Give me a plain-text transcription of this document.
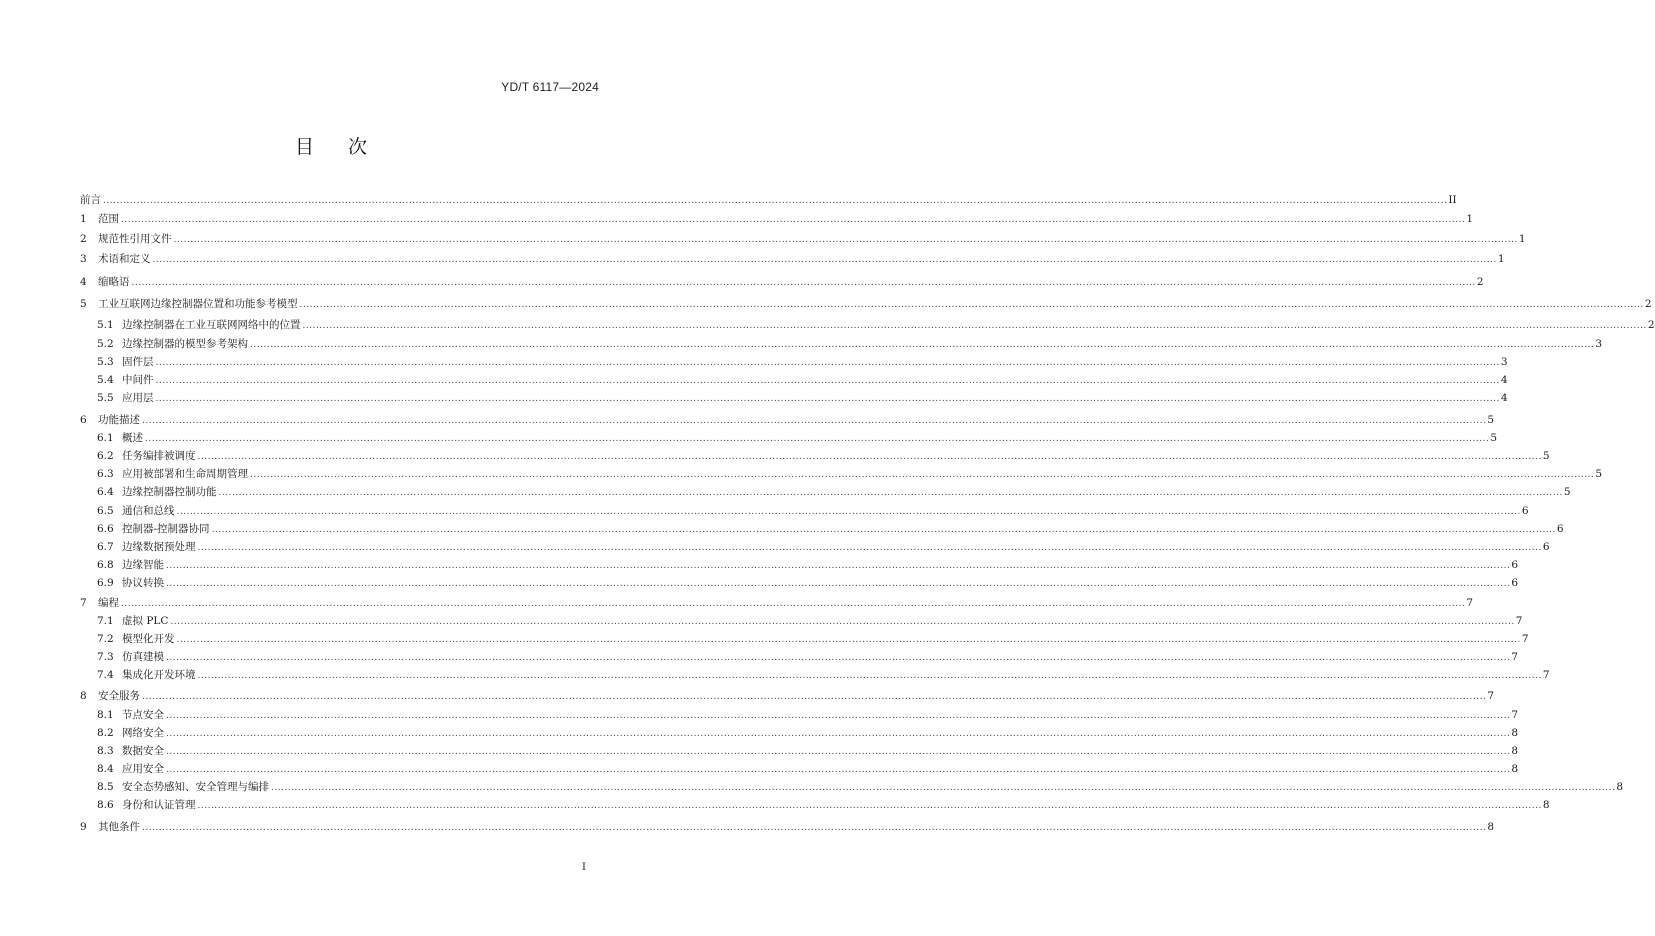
YD/T 6117—2024
目次
前言 ................................................................................................................................................................................................................................................................................................................................................................................................................ II
1	范围 ................................................................................................................................................................................................................................................................................................................................................................................................................ 1
2	规范性引用文件 ................................................................................................................................................................................................................................................................................................................................................................................................................ 1
3	术语和定义 ................................................................................................................................................................................................................................................................................................................................................................................................................ 1
4	缩略语 ................................................................................................................................................................................................................................................................................................................................................................................................................ 2
5	工业互联网边缘控制器位置和功能参考模型 ................................................................................................................................................................................................................................................................................................................................................................................................................ 2
5.1 边缘控制器在工业互联网网络中的位置 ................................................................................................................................................................................................................................................................................................................................................................................................................ 2
5.2 边缘控制器的模型参考架构 ................................................................................................................................................................................................................................................................................................................................................................................................................ 3
5.3 固件层 ................................................................................................................................................................................................................................................................................................................................................................................................................ 3
5.4 中间件 ................................................................................................................................................................................................................................................................................................................................................................................................................ 4
5.5 应用层 ................................................................................................................................................................................................................................................................................................................................................................................................................ 4
6	功能描述 ................................................................................................................................................................................................................................................................................................................................................................................................................ 5
6.1 概述 ................................................................................................................................................................................................................................................................................................................................................................................................................ 5
6.2 任务编排被调度 ................................................................................................................................................................................................................................................................................................................................................................................................................ 5
6.3 应用被部署和生命周期管理 ................................................................................................................................................................................................................................................................................................................................................................................................................ 5
6.4 边缘控制器控制功能 ................................................................................................................................................................................................................................................................................................................................................................................................................ 5
6.5 通信和总线 ................................................................................................................................................................................................................................................................................................................................................................................................................ 6
6.6 控制器-控制器协同 ................................................................................................................................................................................................................................................................................................................................................................................................................ 6
6.7 边缘数据预处理 ................................................................................................................................................................................................................................................................................................................................................................................................................ 6
6.8 边缘智能 ................................................................................................................................................................................................................................................................................................................................................................................................................ 6
6.9 协议转换 ................................................................................................................................................................................................................................................................................................................................................................................................................ 6
7	编程 ................................................................................................................................................................................................................................................................................................................................................................................................................ 7
7.1 虚拟 PLC ................................................................................................................................................................................................................................................................................................................................................................................................................ 7
7.2 模型化开发 ................................................................................................................................................................................................................................................................................................................................................................................................................ 7
7.3 仿真建模 ................................................................................................................................................................................................................................................................................................................................................................................................................ 7
7.4 集成化开发环境 ................................................................................................................................................................................................................................................................................................................................................................................................................ 7
8	安全服务 ................................................................................................................................................................................................................................................................................................................................................................................................................ 7
8.1 节点安全 ................................................................................................................................................................................................................................................................................................................................................................................................................ 7
8.2 网络安全 ................................................................................................................................................................................................................................................................................................................................................................................................................ 8
8.3 数据安全 ................................................................................................................................................................................................................................................................................................................................................................................................................ 8
8.4 应用安全 ................................................................................................................................................................................................................................................................................................................................................................................................................ 8
8.5 安全态势感知、安全管理与编排 ................................................................................................................................................................................................................................................................................................................................................................................................................ 8
8.6 身份和认证管理 ................................................................................................................................................................................................................................................................................................................................................................................................................ 8
9	其他条件 ................................................................................................................................................................................................................................................................................................................................................................................................................ 8
I
